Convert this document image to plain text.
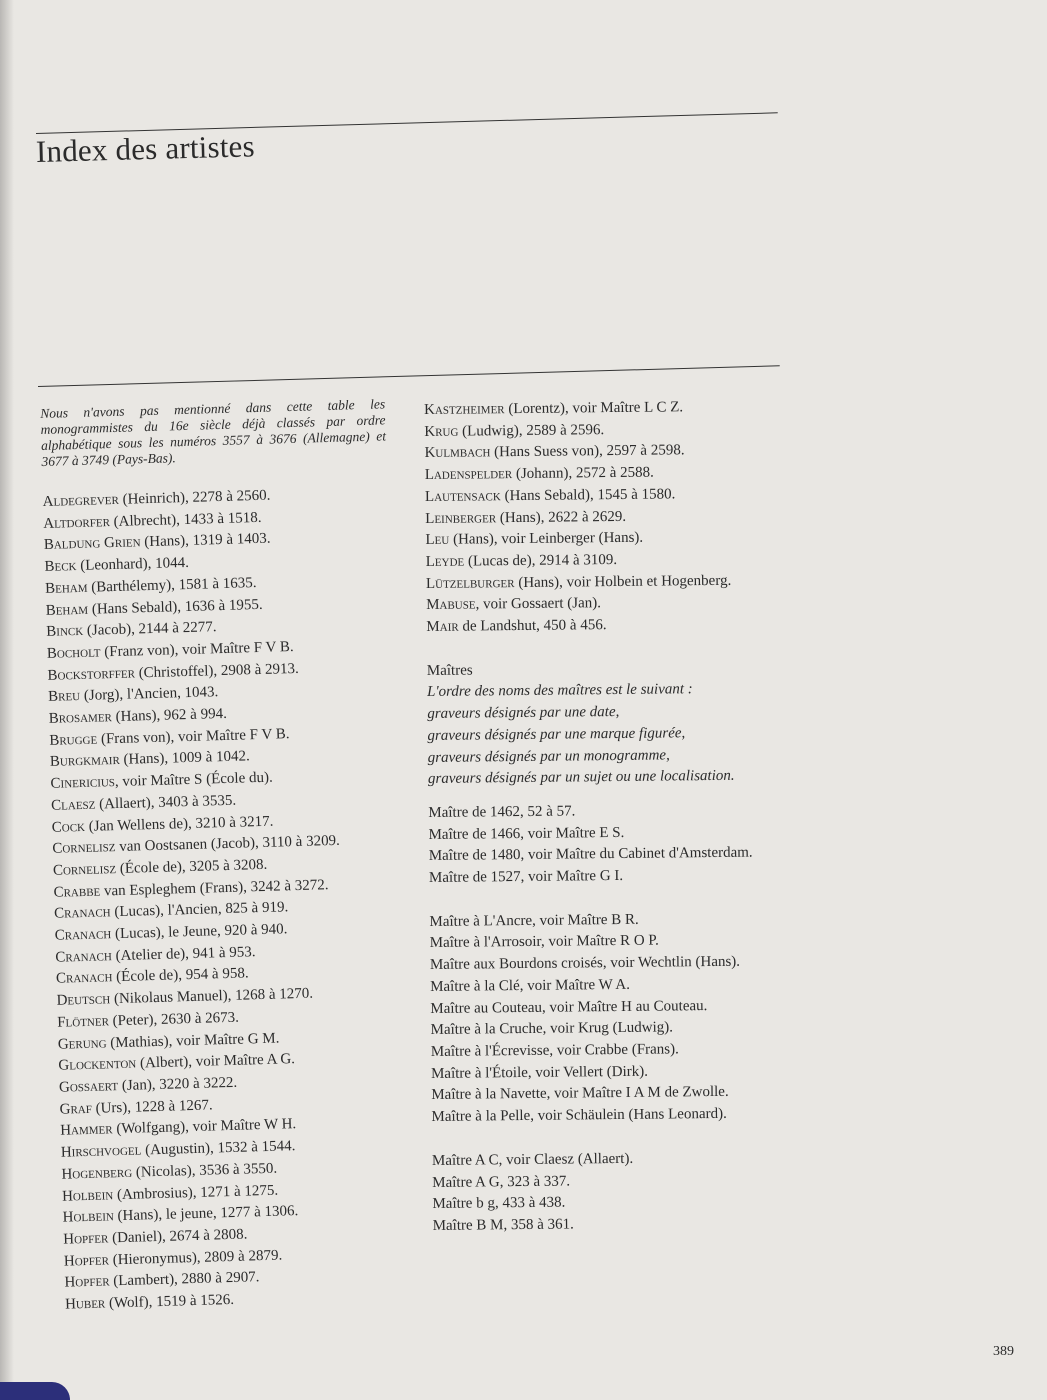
Index des artistes

Nous n'avons pas mentionné dans cette table les monogrammistes du 16e siècle déjà classés par ordre alphabétique sous les numéros 3557 à 3676 (Allemagne) et 3677 à 3749 (Pays-Bas).

Aldegrever (Heinrich), 2278 à 2560.

Altdorfer (Albrecht), 1433 à 1518.

Baldung Grien (Hans), 1319 à 1403.

Beck (Leonhard), 1044.

Beham (Barthélemy), 1581 à 1635.

Beham (Hans Sebald), 1636 à 1955.

Binck (Jacob), 2144 à 2277.

Bocholt (Franz von), voir Maître F V B.

Bockstorffer (Christoffel), 2908 à 2913.

Breu (Jorg), l'Ancien, 1043.

Brosamer (Hans), 962 à 994.

Brugge (Frans von), voir Maître F V B.

Burgkmair (Hans), 1009 à 1042.

Cinericius, voir Maître S (École du).

Claesz (Allaert), 3403 à 3535.

Cock (Jan Wellens de), 3210 à 3217.

Cornelisz van Oostsanen (Jacob), 3110 à 3209.

Cornelisz (École de), 3205 à 3208.

Crabbe van Espleghem (Frans), 3242 à 3272.

Cranach (Lucas), l'Ancien, 825 à 919.

Cranach (Lucas), le Jeune, 920 à 940.

Cranach (Atelier de), 941 à 953.

Cranach (École de), 954 à 958.

Deutsch (Nikolaus Manuel), 1268 à 1270.

Flötner (Peter), 2630 à 2673.

Gerung (Mathias), voir Maître G M.

Glockenton (Albert), voir Maître A G.

Gossaert (Jan), 3220 à 3222.

Graf (Urs), 1228 à 1267.

Hammer (Wolfgang), voir Maître W H.

Hirschvogel (Augustin), 1532 à 1544.

Hogenberg (Nicolas), 3536 à 3550.

Holbein (Ambrosius), 1271 à 1275.

Holbein (Hans), le jeune, 1277 à 1306.

Hopfer (Daniel), 2674 à 2808.

Hopfer (Hieronymus), 2809 à 2879.

Hopfer (Lambert), 2880 à 2907.

Huber (Wolf), 1519 à 1526.

Kastzheimer (Lorentz), voir Maître L C Z.

Krug (Ludwig), 2589 à 2596.

Kulmbach (Hans Suess von), 2597 à 2598.

Ladenspelder (Johann), 2572 à 2588.

Lautensack (Hans Sebald), 1545 à 1580.

Leinberger (Hans), 2622 à 2629.

Leu (Hans), voir Leinberger (Hans).

Leyde (Lucas de), 2914 à 3109.

Lützelburger (Hans), voir Holbein et Hogenberg.

Mabuse, voir Gossaert (Jan).

Mair de Landshut, 450 à 456.

Maîtres

L'ordre des noms des maîtres est le suivant :

graveurs désignés par une date,

graveurs désignés par une marque figurée,

graveurs désignés par un monogramme,

graveurs désignés par un sujet ou une localisation.

Maître de 1462, 52 à 57.

Maître de 1466, voir Maître E S.

Maître de 1480, voir Maître du Cabinet d'Amsterdam.

Maître de 1527, voir Maître G I.

Maître à L'Ancre, voir Maître B R.

Maître à l'Arrosoir, voir Maître R O P.

Maître aux Bourdons croisés, voir Wechtlin (Hans).

Maître à la Clé, voir Maître W A.

Maître au Couteau, voir Maître H au Couteau.

Maître à la Cruche, voir Krug (Ludwig).

Maître à l'Écrevisse, voir Crabbe (Frans).

Maître à l'Étoile, voir Vellert (Dirk).

Maître à la Navette, voir Maître I A M de Zwolle.

Maître à la Pelle, voir Schäulein (Hans Leonard).

Maître A C, voir Claesz (Allaert).

Maître A G, 323 à 337.

Maître b g, 433 à 438.

Maître B M, 358 à 361.

389
